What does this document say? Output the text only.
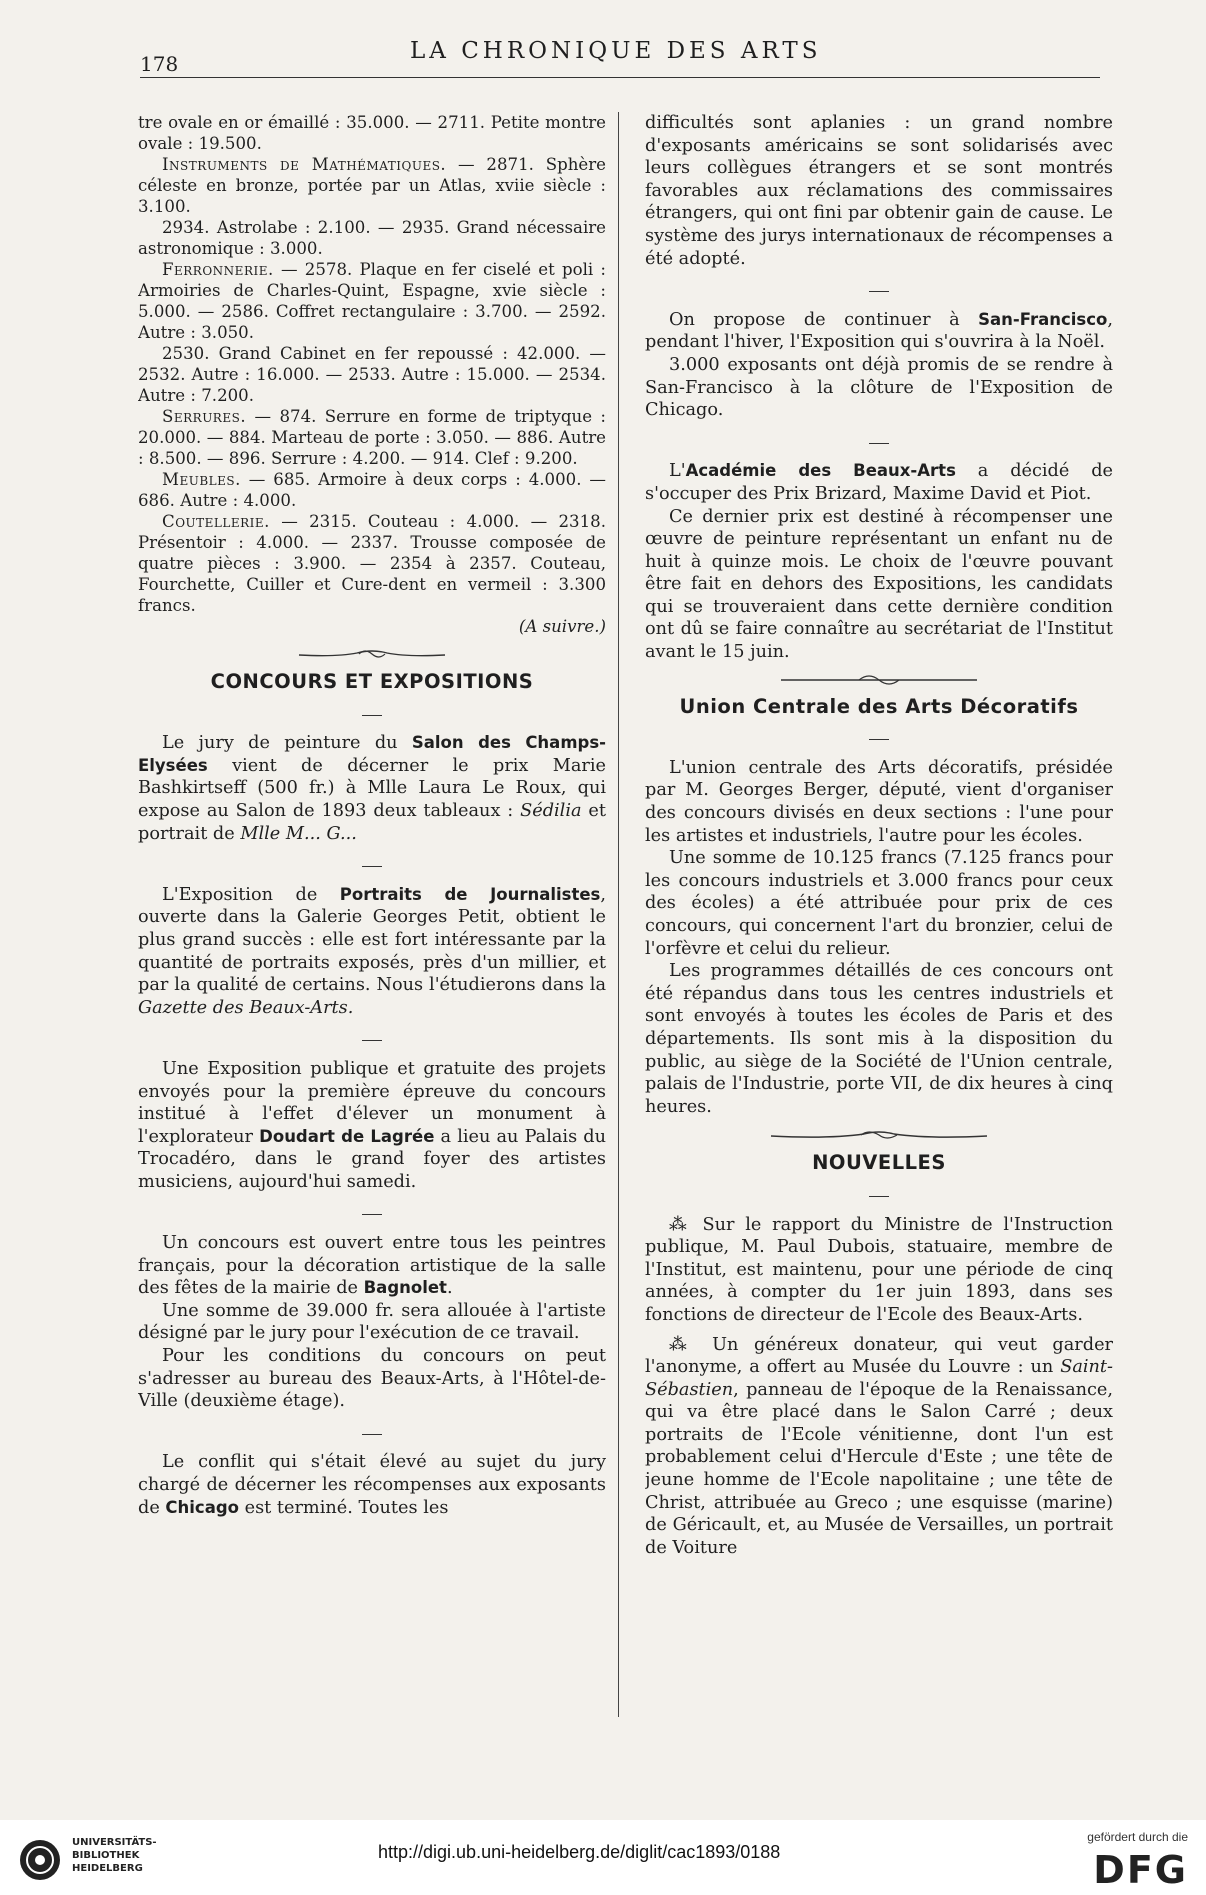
178	LA CHRONIQUE DES ARTS

tre ovale en or émaillé : 35.000. — 2711. Petite montre ovale : 19.500.

Instruments de Mathématiques. — 2871. Sphère céleste en bronze, portée par un Atlas, xviie siècle : 3.100.

2934. Astrolabe : 2.100. — 2935. Grand nécessaire astronomique : 3.000.

Ferronnerie. — 2578. Plaque en fer ciselé et poli : Armoiries de Charles-Quint, Espagne, xvie siècle : 5.000. — 2586. Coffret rectangulaire : 3.700. — 2592. Autre : 3.050.

2530. Grand Cabinet en fer repoussé : 42.000. — 2532. Autre : 16.000. — 2533. Autre : 15.000. — 2534. Autre : 7.200.

Serrures. — 874. Serrure en forme de triptyque : 20.000. — 884. Marteau de porte : 3.050. — 886. Autre : 8.500. — 896. Serrure : 4.200. — 914. Clef : 9.200.

Meubles. — 685. Armoire à deux corps : 4.000. — 686. Autre : 4.000.

Coutellerie. — 2315. Couteau : 4.000. — 2318. Présentoir : 4.000. — 2337. Trousse composée de quatre pièces : 3.900. — 2354 à 2357. Couteau, Fourchette, Cuiller et Cure-dent en vermeil : 3.300 francs.

(A suivre.)

CONCOURS ET EXPOSITIONS

Le jury de peinture du Salon des Champs-Elysées vient de décerner le prix Marie Bashkirtseff (500 fr.) à Mlle Laura Le Roux, qui expose au Salon de 1893 deux tableaux : Sédilia et portrait de Mlle M... G...

L'Exposition de Portraits de Journalistes, ouverte dans la Galerie Georges Petit, obtient le plus grand succès : elle est fort intéressante par la quantité de portraits exposés, près d'un millier, et par la qualité de certains. Nous l'étudierons dans la Gazette des Beaux-Arts.

Une Exposition publique et gratuite des projets envoyés pour la première épreuve du concours institué à l'effet d'élever un monument à l'explorateur Doudart de Lagrée a lieu au Palais du Trocadéro, dans le grand foyer des artistes musiciens, aujourd'hui samedi.

Un concours est ouvert entre tous les peintres français, pour la décoration artistique de la salle des fêtes de la mairie de Bagnolet.

Une somme de 39.000 fr. sera allouée à l'artiste désigné par le jury pour l'exécution de ce travail.

Pour les conditions du concours on peut s'adresser au bureau des Beaux-Arts, à l'Hôtel-de-Ville (deuxième étage).

Le conflit qui s'était élevé au sujet du jury chargé de décerner les récompenses aux exposants de Chicago est terminé. Toutes les

difficultés sont aplanies : un grand nombre d'exposants américains se sont solidarisés avec leurs collègues étrangers et se sont montrés favorables aux réclamations des commissaires étrangers, qui ont fini par obtenir gain de cause. Le système des jurys internationaux de récompenses a été adopté.

On propose de continuer à San-Francisco, pendant l'hiver, l'Exposition qui s'ouvrira à la Noël.

3.000 exposants ont déjà promis de se rendre à San-Francisco à la clôture de l'Exposition de Chicago.

L'Académie des Beaux-Arts a décidé de s'occuper des Prix Brizard, Maxime David et Piot.

Ce dernier prix est destiné à récompenser une œuvre de peinture représentant un enfant nu de huit à quinze mois. Le choix de l'œuvre pouvant être fait en dehors des Expositions, les candidats qui se trouveraient dans cette dernière condition ont dû se faire connaître au secrétariat de l'Institut avant le 15 juin.

Union Centrale des Arts Décoratifs

L'union centrale des Arts décoratifs, présidée par M. Georges Berger, député, vient d'organiser des concours divisés en deux sections : l'une pour les artistes et industriels, l'autre pour les écoles.

Une somme de 10.125 francs (7.125 francs pour les concours industriels et 3.000 francs pour ceux des écoles) a été attribuée pour prix de ces concours, qui concernent l'art du bronzier, celui de l'orfèvre et celui du relieur.

Les programmes détaillés de ces concours ont été répandus dans tous les centres industriels et sont envoyés à toutes les écoles de Paris et des départements. Ils sont mis à la disposition du public, au siège de la Société de l'Union centrale, palais de l'Industrie, porte VII, de dix heures à cinq heures.

NOUVELLES

⁂ Sur le rapport du Ministre de l'Instruction publique, M. Paul Dubois, statuaire, membre de l'Institut, est maintenu, pour une période de cinq années, à compter du 1er juin 1893, dans ses fonctions de directeur de l'Ecole des Beaux-Arts.

⁂ Un généreux donateur, qui veut garder l'anonyme, a offert au Musée du Louvre : un Saint-Sébastien, panneau de l'époque de la Renaissance, qui va être placé dans le Salon Carré ; deux portraits de l'Ecole vénitienne, dont l'un est probablement celui d'Hercule d'Este ; une tête de jeune homme de l'Ecole napolitaine ; une tête de Christ, attribuée au Greco ; une esquisse (marine) de Géricault, et, au Musée de Versailles, un portrait de Voiture

UNIVERSITÄTS-
BIBLIOTHEK
HEIDELBERG
http://digi.ub.uni-heidelberg.de/diglit/cac1893/0188
gefördert durch die
DFG
